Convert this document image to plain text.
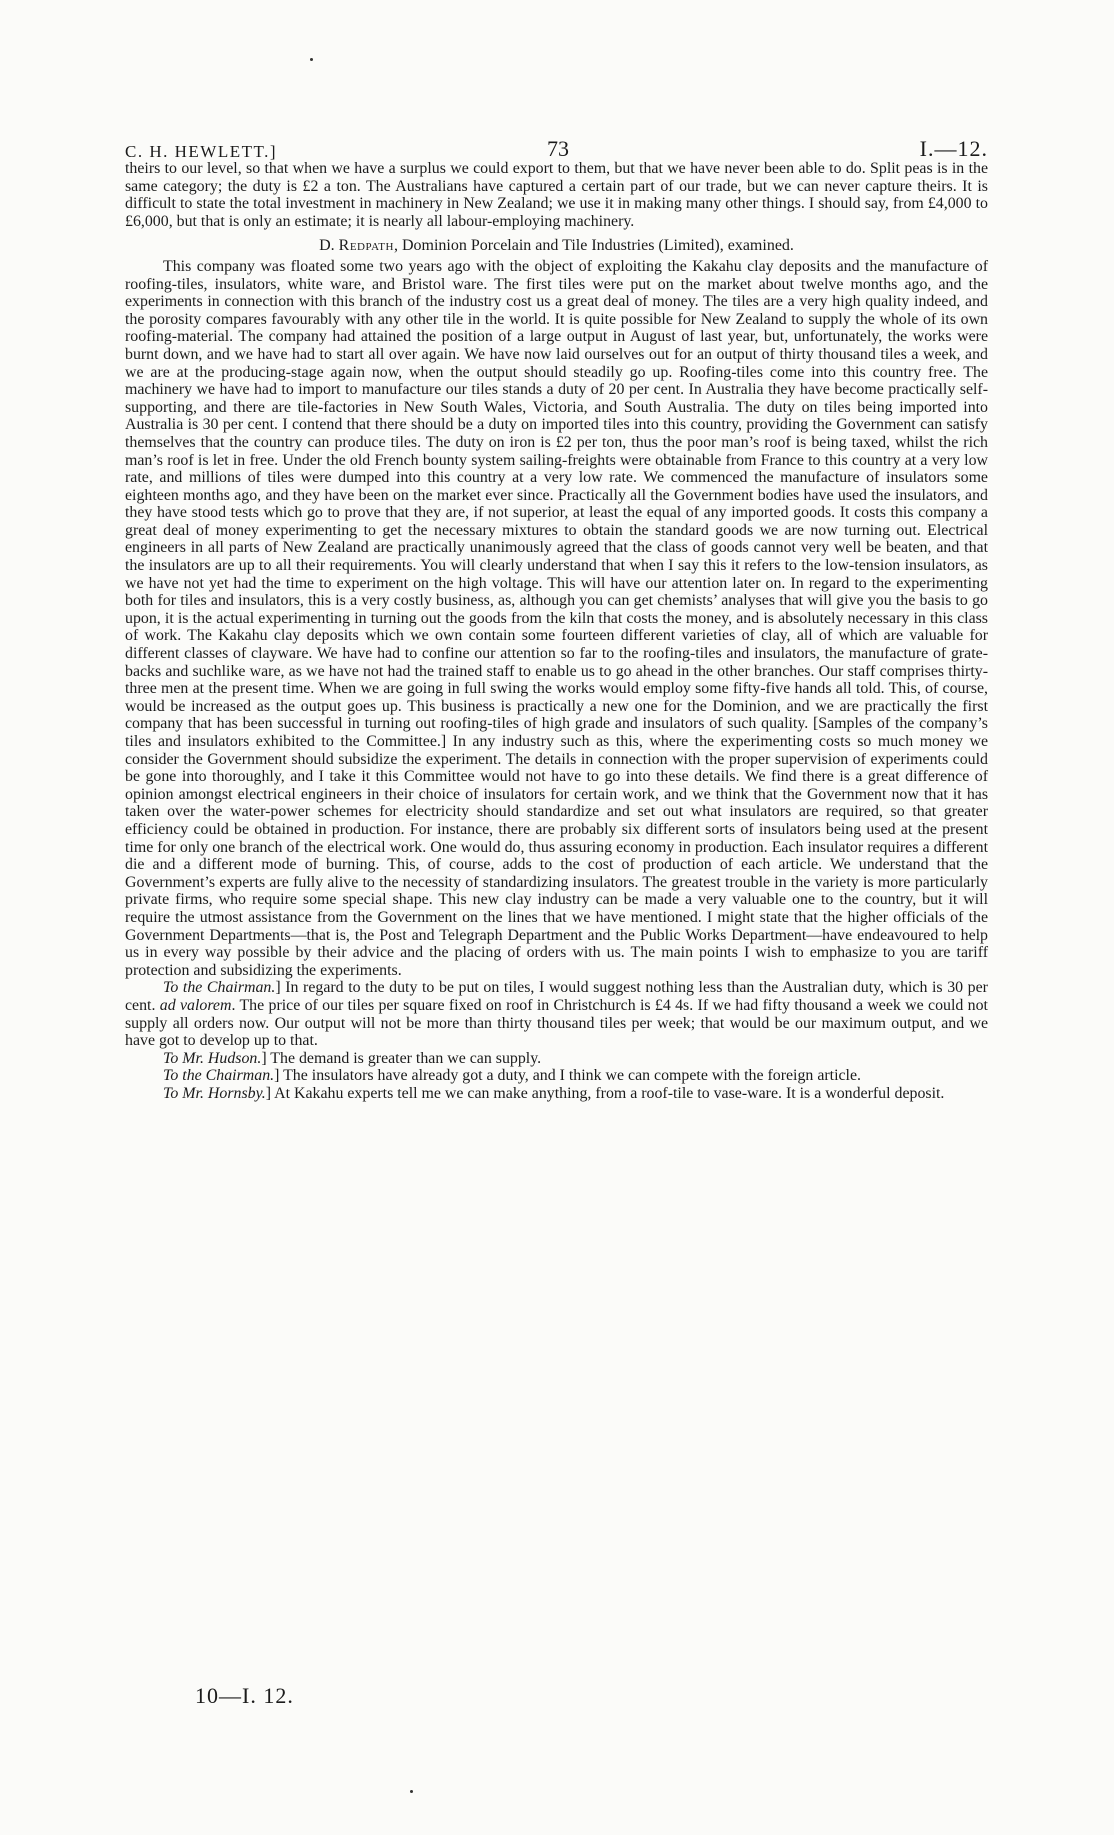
C. H. HEWLETT.]	73	I.—12.

theirs to our level, so that when we have a surplus we could export to them, but that we have never been able to do. Split peas is in the same category; the duty is £2 a ton. The Australians have captured a certain part of our trade, but we can never capture theirs. It is difficult to state the total investment in machinery in New Zealand; we use it in making many other things. I should say, from £4,000 to £6,000, but that is only an estimate; it is nearly all labour-employing machinery.

D. Redpath, Dominion Porcelain and Tile Industries (Limited), examined.

This company was floated some two years ago with the object of exploiting the Kakahu clay deposits and the manufacture of roofing-tiles, insulators, white ware, and Bristol ware. The first tiles were put on the market about twelve months ago, and the experiments in connection with this branch of the industry cost us a great deal of money. The tiles are a very high quality indeed, and the porosity compares favourably with any other tile in the world. It is quite possible for New Zealand to supply the whole of its own roofing-material. The company had attained the position of a large output in August of last year, but, unfortunately, the works were burnt down, and we have had to start all over again. We have now laid ourselves out for an output of thirty thousand tiles a week, and we are at the producing-stage again now, when the output should steadily go up. Roofing-tiles come into this country free. The machinery we have had to import to manufacture our tiles stands a duty of 20 per cent. In Australia they have become practically self-supporting, and there are tile-factories in New South Wales, Victoria, and South Australia. The duty on tiles being imported into Australia is 30 per cent. I contend that there should be a duty on imported tiles into this country, providing the Government can satisfy themselves that the country can produce tiles. The duty on iron is £2 per ton, thus the poor man’s roof is being taxed, whilst the rich man’s roof is let in free. Under the old French bounty system sailing-freights were obtainable from France to this country at a very low rate, and millions of tiles were dumped into this country at a very low rate. We commenced the manufacture of insulators some eighteen months ago, and they have been on the market ever since. Practically all the Government bodies have used the insulators, and they have stood tests which go to prove that they are, if not superior, at least the equal of any imported goods. It costs this company a great deal of money experimenting to get the necessary mixtures to obtain the standard goods we are now turning out. Electrical engineers in all parts of New Zealand are practically unanimously agreed that the class of goods cannot very well be beaten, and that the insulators are up to all their requirements. You will clearly understand that when I say this it refers to the low-tension insulators, as we have not yet had the time to experiment on the high voltage. This will have our attention later on. In regard to the experimenting both for tiles and insulators, this is a very costly business, as, although you can get chemists’ analyses that will give you the basis to go upon, it is the actual experimenting in turning out the goods from the kiln that costs the money, and is absolutely necessary in this class of work. The Kakahu clay deposits which we own contain some fourteen different varieties of clay, all of which are valuable for different classes of clayware. We have had to confine our attention so far to the roofing-tiles and insulators, the manufacture of grate-backs and suchlike ware, as we have not had the trained staff to enable us to go ahead in the other branches. Our staff comprises thirty-three men at the present time. When we are going in full swing the works would employ some fifty-five hands all told. This, of course, would be increased as the output goes up. This business is practically a new one for the Dominion, and we are practically the first company that has been successful in turning out roofing-tiles of high grade and insulators of such quality. [Samples of the company’s tiles and insulators exhibited to the Committee.] In any industry such as this, where the experimenting costs so much money we consider the Government should subsidize the experiment. The details in connection with the proper supervision of experiments could be gone into thoroughly, and I take it this Committee would not have to go into these details. We find there is a great difference of opinion amongst electrical engineers in their choice of insulators for certain work, and we think that the Government now that it has taken over the water-power schemes for electricity should standardize and set out what insulators are required, so that greater efficiency could be obtained in production. For instance, there are probably six different sorts of insulators being used at the present time for only one branch of the electrical work. One would do, thus assuring economy in production. Each insulator requires a different die and a different mode of burning. This, of course, adds to the cost of production of each article. We understand that the Government’s experts are fully alive to the necessity of standardizing insulators. The greatest trouble in the variety is more particularly private firms, who require some special shape. This new clay industry can be made a very valuable one to the country, but it will require the utmost assistance from the Government on the lines that we have mentioned. I might state that the higher officials of the Government Departments—that is, the Post and Telegraph Department and the Public Works Department—have endeavoured to help us in every way possible by their advice and the placing of orders with us. The main points I wish to emphasize to you are tariff protection and subsidizing the experiments.

To the Chairman.] In regard to the duty to be put on tiles, I would suggest nothing less than the Australian duty, which is 30 per cent. ad valorem. The price of our tiles per square fixed on roof in Christchurch is £4 4s. If we had fifty thousand a week we could not supply all orders now. Our output will not be more than thirty thousand tiles per week; that would be our maximum output, and we have got to develop up to that.

To Mr. Hudson.] The demand is greater than we can supply.

To the Chairman.] The insulators have already got a duty, and I think we can compete with the foreign article.

To Mr. Hornsby.] At Kakahu experts tell me we can make anything, from a roof-tile to vase-ware. It is a wonderful deposit.

10—I. 12.
